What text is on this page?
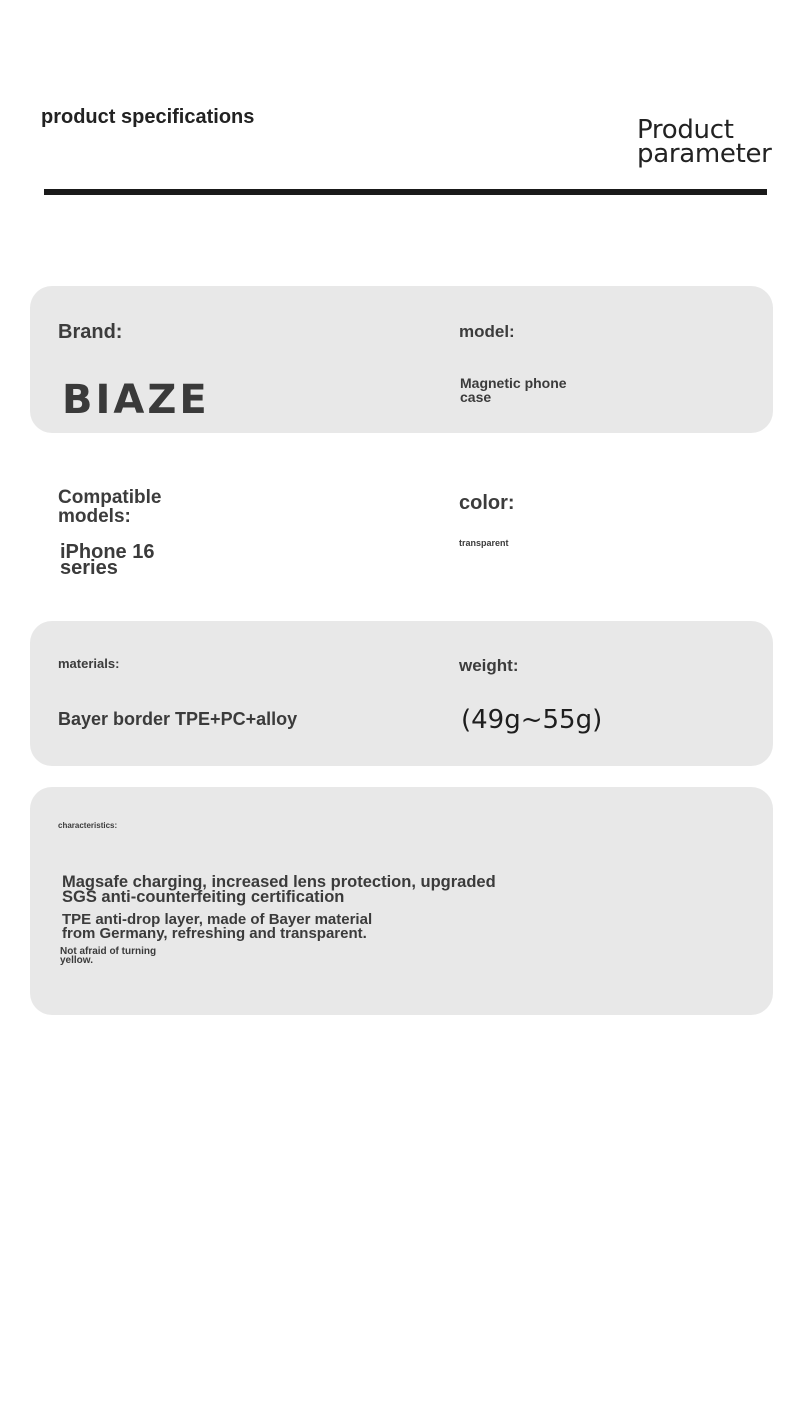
product specifications	Product
parameter
Brand:
BIAZE
model:
Magnetic phone
case
Compatible
models:
iPhone 16
series
color:
transparent
materials:
Bayer border TPE+PC+alloy
weight:
(49g~55g)
characteristics:
Magsafe charging, increased lens protection, upgraded
SGS anti-counterfeiting certification
TPE anti-drop layer, made of Bayer material
from Germany, refreshing and transparent.
Not afraid of turning
yellow.
